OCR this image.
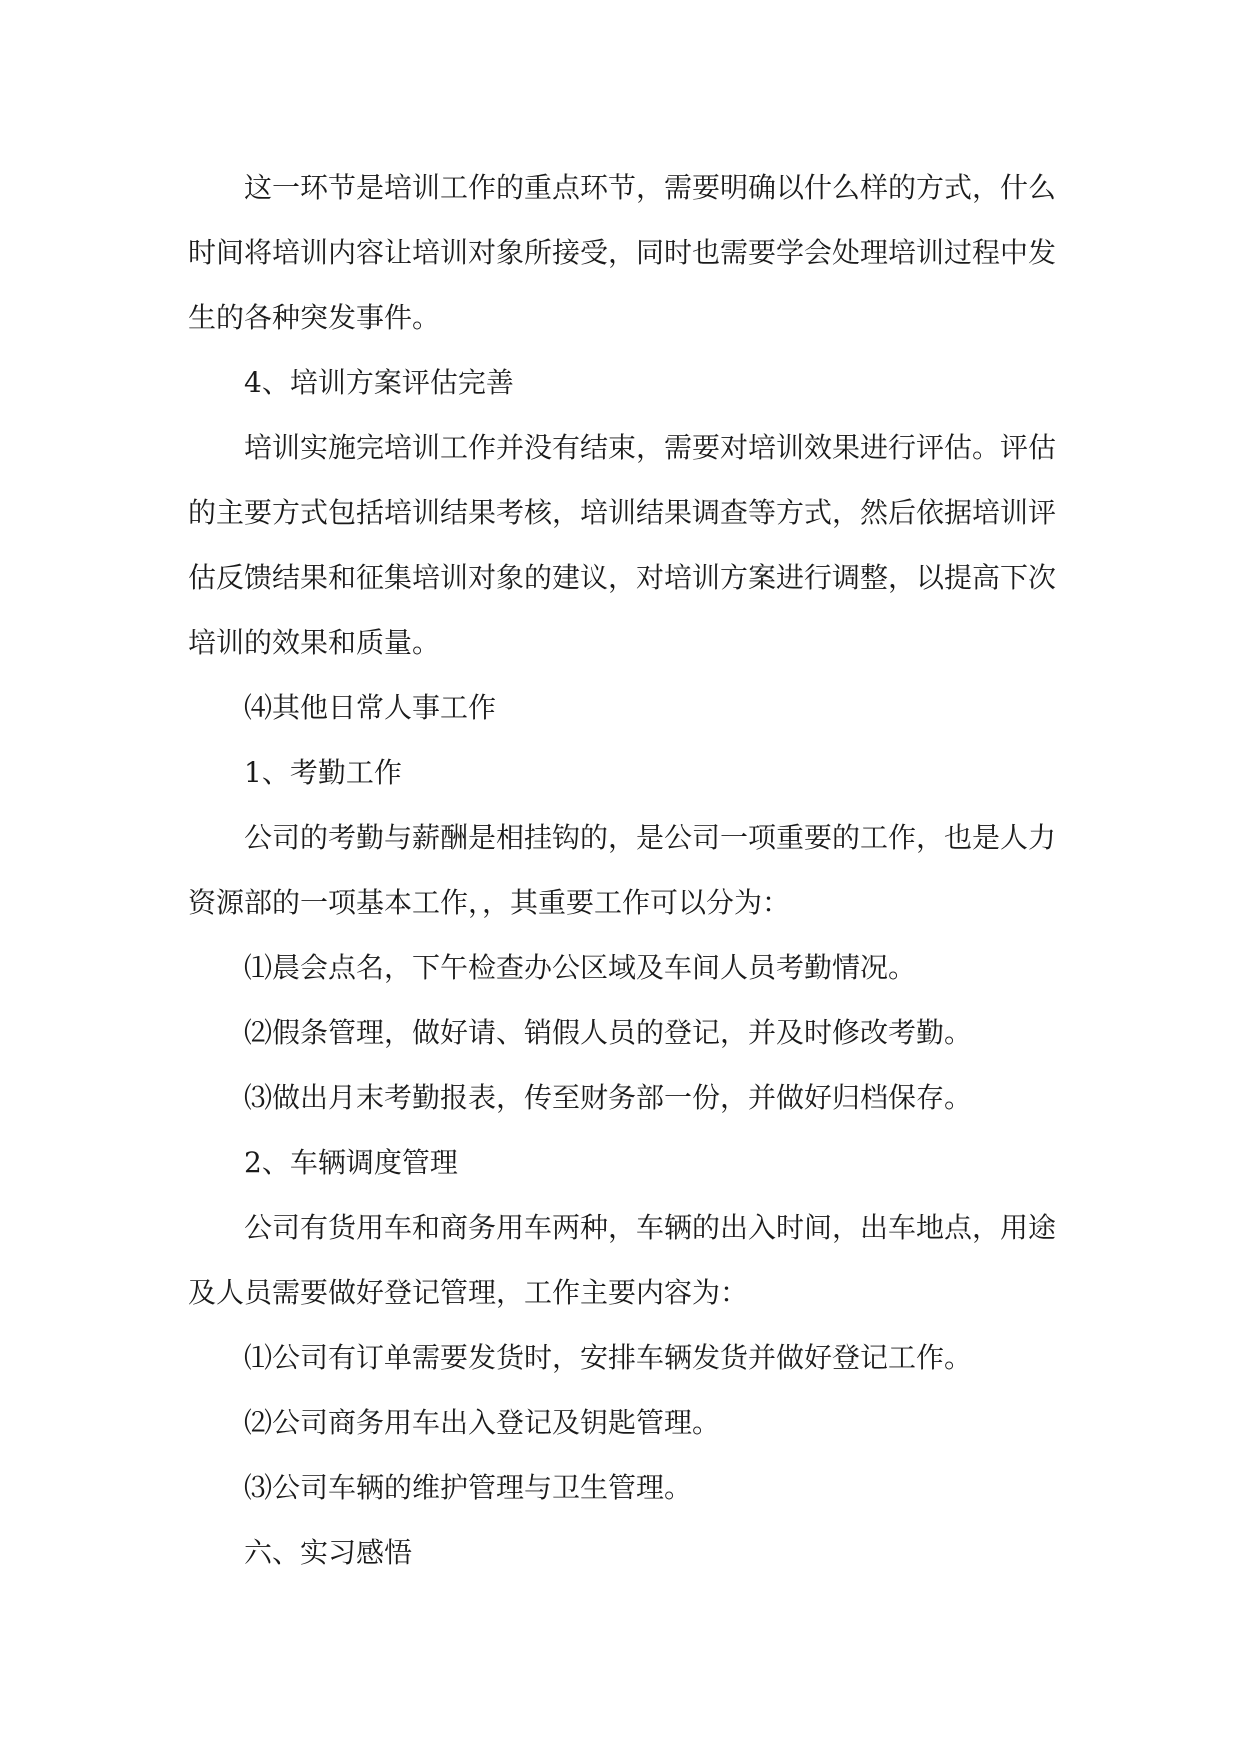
这一环节是培训工作的重点环节，需要明确以什么样的方式，什么时间将培训内容让培训对象所接受，同时也需要学会处理培训过程中发生的各种突发事件。

4、培训方案评估完善

培训实施完培训工作并没有结束，需要对培训效果进行评估。评估的主要方式包括培训结果考核，培训结果调查等方式，然后依据培训评估反馈结果和征集培训对象的建议，对培训方案进行调整，以提高下次培训的效果和质量。

⑷其他日常人事工作

1、考勤工作

公司的考勤与薪酬是相挂钩的，是公司一项重要的工作，也是人力资源部的一项基本工作，，其重要工作可以分为：

⑴晨会点名，下午检查办公区域及车间人员考勤情况。

⑵假条管理，做好请、销假人员的登记，并及时修改考勤。

⑶做出月末考勤报表，传至财务部一份，并做好归档保存。

2、车辆调度管理

公司有货用车和商务用车两种，车辆的出入时间，出车地点，用途及人员需要做好登记管理，工作主要内容为：

⑴公司有订单需要发货时，安排车辆发货并做好登记工作。

⑵公司商务用车出入登记及钥匙管理。

⑶公司车辆的维护管理与卫生管理。

六、实习感悟
